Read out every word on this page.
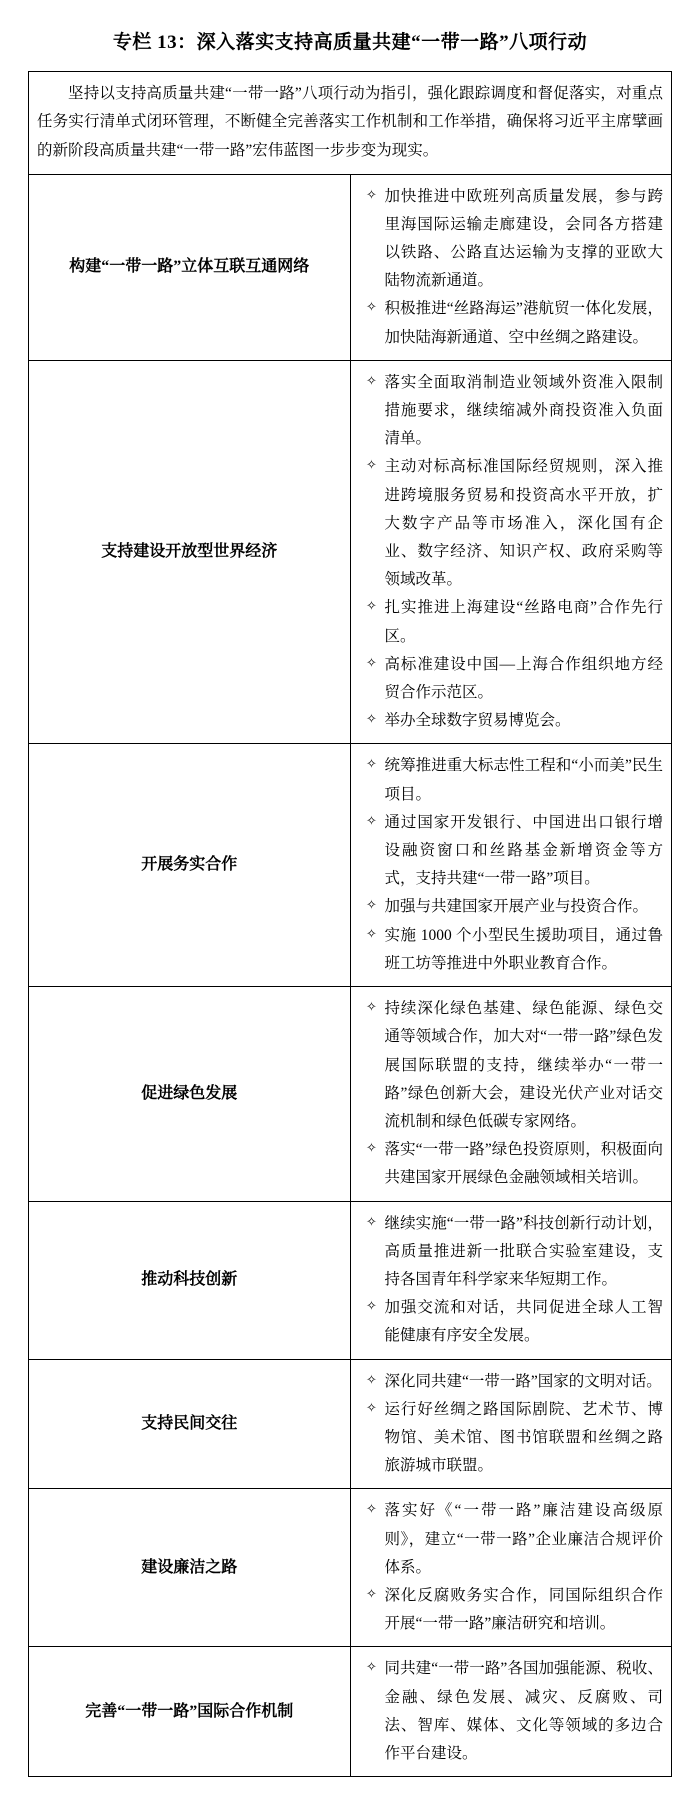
专栏 13：深入落实支持高质量共建“一带一路”八项行动

坚持以支持高质量共建“一带一路”八项行动为指引，强化跟踪调度和督促落实，对重点任务实行清单式闭环管理，不断健全完善落实工作机制和工作举措，确保将习近平主席擘画的新阶段高质量共建“一带一路”宏伟蓝图一步步变为现实。	

构建“一带一路”立体互联互通网络	✧ 加快推进中欧班列高质量发展，参与跨里海国际运输走廊建设，会同各方搭建以铁路、公路直达运输为支撑的亚欧大陆物流新通道。
✧ 积极推进“丝路海运”港航贸一体化发展，加快陆海新通道、空中丝绸之路建设。

支持建设开放型世界经济	
✧ 落实全面取消制造业领域外资准入限制措施要求，继续缩减外商投资准入负面清单。
✧ 主动对标高标准国际经贸规则，深入推进跨境服务贸易和投资高水平开放，扩大数字产品等市场准入，深化国有企业、数字经济、知识产权、政府采购等领域改革。
✧ 扎实推进上海建设“丝路电商”合作先行区。
✧ 高标准建设中国—上海合作组织地方经贸合作示范区。
✧ 举办全球数字贸易博览会。

开展务实合作	
✧ 统筹推进重大标志性工程和“小而美”民生项目。
✧ 通过国家开发银行、中国进出口银行增设融资窗口和丝路基金新增资金等方式，支持共建“一带一路”项目。
✧ 加强与共建国家开展产业与投资合作。
✧ 实施 1000 个小型民生援助项目，通过鲁班工坊等推进中外职业教育合作。

促进绿色发展	✧ 持续深化绿色基建、绿色能源、绿色交通等领域合作，加大对“一带一路”绿色发展国际联盟的支持，继续举办“一带一路”绿色创新大会，建设光伏产业对话交流机制和绿色低碳专家网络。
✧ 落实“一带一路”绿色投资原则，积极面向共建国家开展绿色金融领域相关培训。

推动科技创新	✧ 继续实施“一带一路”科技创新行动计划，高质量推进新一批联合实验室建设，支持各国青年科学家来华短期工作。
✧ 加强交流和对话，共同促进全球人工智能健康有序安全发展。

支持民间交往	✧ 深化同共建“一带一路”国家的文明对话。
✧ 运行好丝绸之路国际剧院、艺术节、博物馆、美术馆、图书馆联盟和丝绸之路旅游城市联盟。

建设廉洁之路	✧ 落实好《“一带一路”廉洁建设高级原则》，建立“一带一路”企业廉洁合规评价体系。
✧ 深化反腐败务实合作，同国际组织合作开展“一带一路”廉洁研究和培训。

完善“一带一路”国际合作机制	✧ 同共建“一带一路”各国加强能源、税收、金融、绿色发展、减灾、反腐败、司法、智库、媒体、文化等领域的多边合作平台建设。
